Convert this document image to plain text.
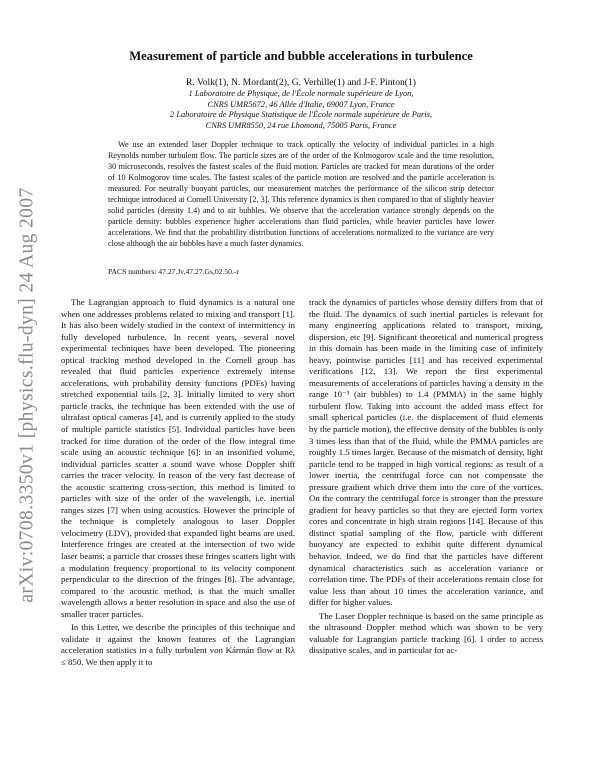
arXiv:0708.3350v1 [physics.flu-dyn] 24 Aug 2007
Measurement of particle and bubble accelerations in turbulence

R. Volk(1), N. Mordant(2), G. Verhille(1) and J-F. Pinton(1)

1 Laboratoire de Physique, de l'École normale supérieure de Lyon,

CNRS UMR5672, 46 Allée d'Italie, 69007 Lyon, France

2 Laboratoire de Physique Statistique de l'École normale supérieure de Paris,

CNRS UMR8550, 24 rue Lhomond, 75005 Paris, France

We use an extended laser Doppler technique to track optically the velocity of individual particles in a high Reynolds number turbulent flow. The particle sizes are of the order of the Kolmogorov scale and the time resolution, 30 microseconds, resolves the fastest scales of the fluid motion. Particles are tracked for mean durations of the order of 10 Kolmogorov time scales. The fastest scales of the particle motion are resolved and the particle acceleration is measured. For neutrally buoyant particles, our measurement matches the performance of the silicon strip detector technique introduced at Cornell University [2, 3]. This reference dynamics is then compared to that of slightly heavier solid particles (density 1.4) and to air bubbles. We observe that the acceleration variance strongly depends on the particle density: bubbles experience higher accelerations than fluid particles, while heavier particles have lower accelerations. We find that the probability distribution functions of accelerations normalized to the variance are very close although the air bubbles have a much faster dynamics.

PACS numbers: 47.27.Jv,47.27.Gs,02.50.-r

The Lagrangian approach to fluid dynamics is a natural one when one addresses problems related to mixing and transport [1]. It has also been widely studied in the context of intermittency in fully developed turbulence. In recent years, several novel experimental techniques have been developed. The pioneering optical tracking method developed in the Cornell group has revealed that fluid particles experience extremely intense accelerations, with probability density functions (PDFs) having stretched exponential tails [2, 3]. Initially limited to very short particle tracks, the technique has been extended with the use of ultrafast optical cameras [4], and is currently applied to the study of multiple particle statistics [5]. Individual particles have been tracked for time duration of the order of the flow integral time scale using an acoustic technique [6]: in an insonified volume, individual particles scatter a sound wave whose Doppler shift carries the tracer velocity. In reason of the very fast decrease of the acoustic scattering cross-section, this method is limited to particles with size of the order of the wavelength, i.e. inertial ranges sizes [7] when using acoustics. However the principle of the technique is completely analogous to laser Doppler velocimetry (LDV), provided that expanded light beams are used. Interference fringes are created at the intersection of two wide laser beams; a particle that crosses these fringes scatters light with a modulation frequency proportional to its velocity component perpendicular to the direction of the fringes [8]. The advantage, compared to the acoustic method, is that the much smaller wavelength allows a better resolution in space and also the use of smaller tracer particles.

In this Letter, we describe the principles of this technique and validate it against the known features of the Lagrangian acceleration statistics in a fully turbulent von Kármán flow at Rλ ≤ 850. We then apply it to

track the dynamics of particles whose density differs from that of the fluid. The dynamics of such inertial particles is relevant for many engineering applications related to transport, mixing, dispersion, etc [9]. Significant theoretical and numerical progress in this domain has been made in the limiting case of infinitely heavy, pointwise particles [11] and has received experimental verifications [12, 13]. We report the first experimental measurements of accelerations of particles having a density in the range 10⁻³ (air bubbles) to 1.4 (PMMA) in the same highly turbulent flow. Taking into account the added mass effect for small spherical particles (i.e. the displacement of fluid elements by the particle motion), the effective density of the bubbles is only 3 times less than that of the fluid, while the PMMA particles are roughly 1.5 times larger. Because of the mismatch of density, light particle tend to be trapped in high vortical regions: as result of a lower inertia, the centrifugal force can not compensate the pressure gradient which drive them into the core of the vortices. On the contrary the centrifugal force is stronger than the pressure gradient for heavy particles so that they are ejected form vortex cores and concentrate in high strain regions [14]. Because of this distinct spatial sampling of the flow, particle with different buoyancy are expected to exhibit quite different dynamical behavior. Indeed, we do find that the particles have different dynamical characteristics such as acceleration variance or correlation time. The PDFs of their accelerations remain close for value less than about 10 times the acceleration variance, and differ for higher values.

The Laser Doppler technique is based on the same principle as the ultrasound Doppler method which was shown to be very valuable for Lagrangian particle tracking [6]. I order to access dissipative scales, and in particular for ac-
